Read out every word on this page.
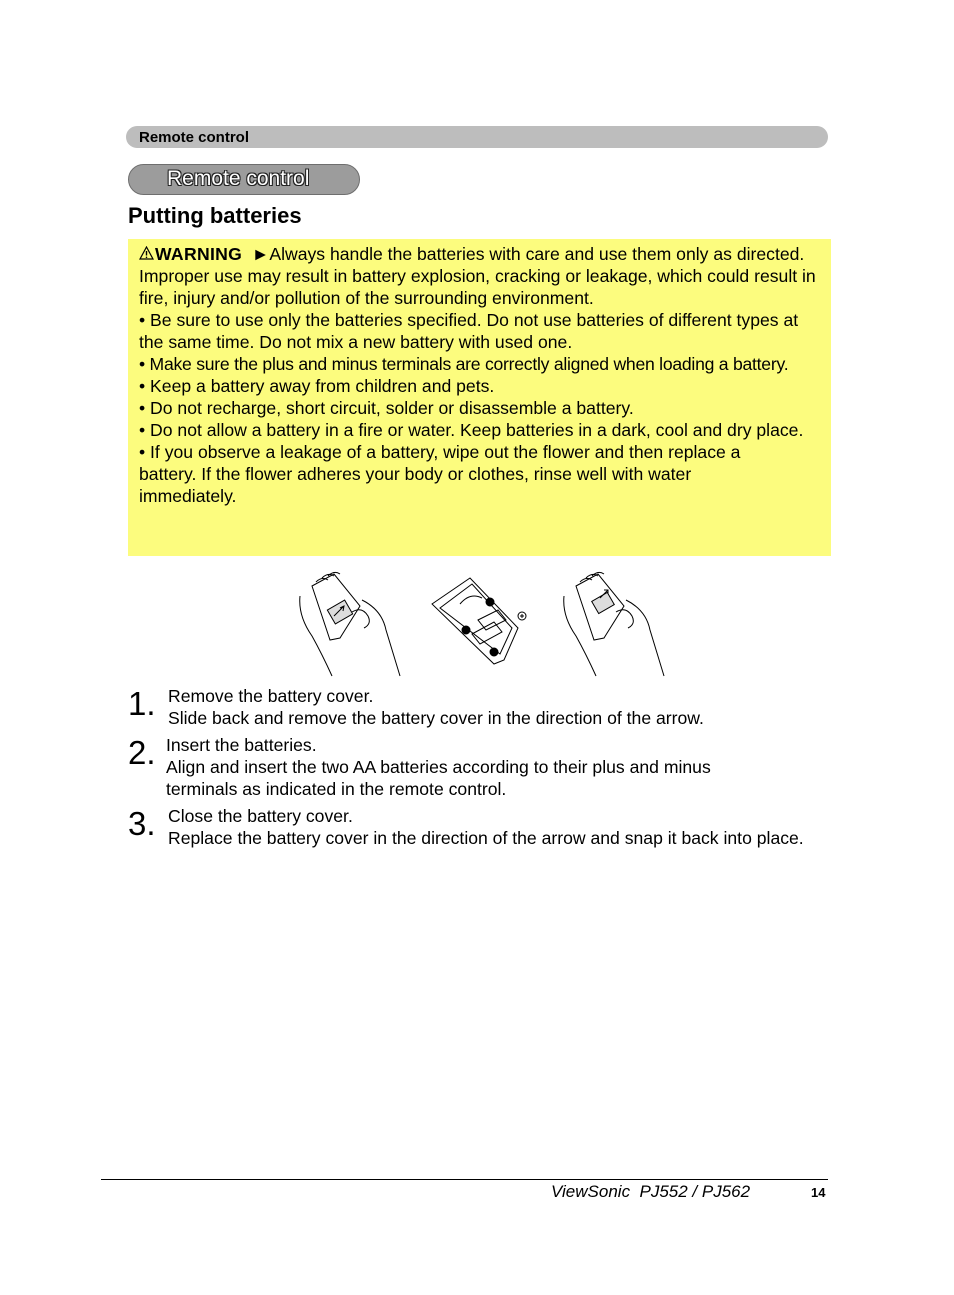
Remote control
Remote control
Putting batteries

WARNING ►Always handle the batteries with care and use them only as directed. Improper use may result in battery explosion, cracking or leakage, which could result in fire, injury and/or pollution of the surrounding environment.

• Be sure to use only the batteries specified. Do not use batteries of different types at the same time. Do not mix a new battery with used one.

• Make sure the plus and minus terminals are correctly aligned when loading a battery.

• Keep a battery away from children and pets.

• Do not recharge, short circuit, solder or disassemble a battery.

• Do not allow a battery in a fire or water. Keep batteries in a dark, cool and dry place.

• If you observe a leakage of a battery, wipe out the flower and then replace a battery. If the flower adheres your body or clothes, rinse well with water immediately.

1. Remove the battery cover.
Slide back and remove the battery cover in the direction of the arrow.
2. Insert the batteries.
Align and insert the two AA batteries according to their plus and minus terminals as indicated in the remote control.
3. Close the battery cover.
Replace the battery cover in the direction of the arrow and snap it back into place.
ViewSonic  PJ552 / PJ562	14
